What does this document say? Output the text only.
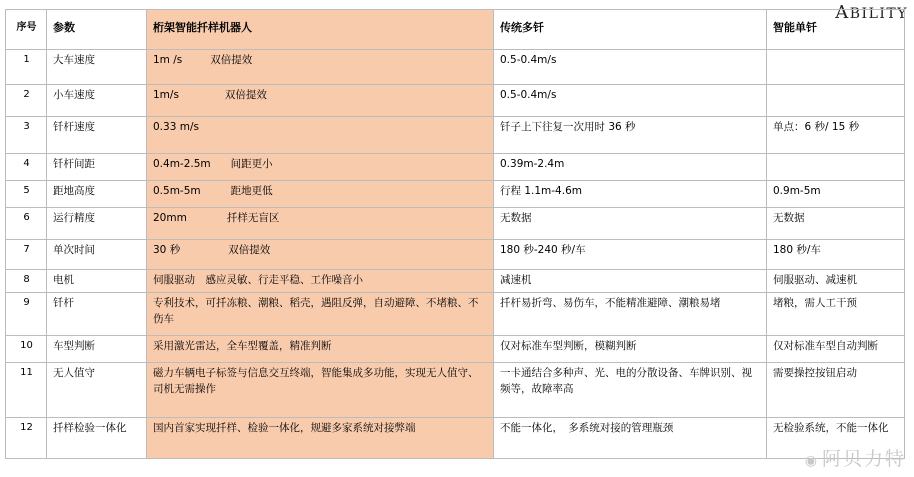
ABILITY
序号	参数	桁架智能扦样机器人	传统多钎	智能单钎
1	大车速度	1m /s 双倍提效	0.5-0.4m/s	
2	小车速度	1m/s 双倍提效	0.5-0.4m/s	
3	钎杆速度	0.33 m/s	钎子上下往复一次用时 36 秒	单点：6 秒/ 15 秒
4	钎杆间距	0.4m-2.5m 间距更小	0.39m-2.4m	
5	距地高度	0.5m-5m 距地更低	行程 1.1m-4.6m	0.9m-5m
6	运行精度	20mm 扦样无盲区	无数据	无数据
7	单次时间	30 秒 双倍提效	180 秒-240 秒/车	180 秒/车
8	电机	伺服驱动　感应灵敏、行走平稳、工作噪音小	减速机	伺服驱动、减速机
9	钎杆	专利技术，可扦冻粮、潮粮、稻壳，遇阻反弹，自动避障、不堵粮、不伤车	扦杆易折弯、易伤车，不能精准避障、潮粮易堵	堵粮，需人工干预
10	车型判断	采用激光雷达，全车型覆盖，精准判断	仅对标准车型判断，模糊判断	仅对标准车型自动判断
11	无人值守	磁力车辆电子标签与信息交互终端，智能集成多功能，实现无人值守、司机无需操作	一卡通结合多种声、光、电的分散设备、车牌识别、视频等，故障率高	需要操控按钮启动
12	扦样检验一体化	国内首家实现扦样、检验一体化，规避多家系统对接弊端	不能一体化，　多系统对接的管理瓶颈	无检验系统，不能一体化
◉ 阿贝力特
